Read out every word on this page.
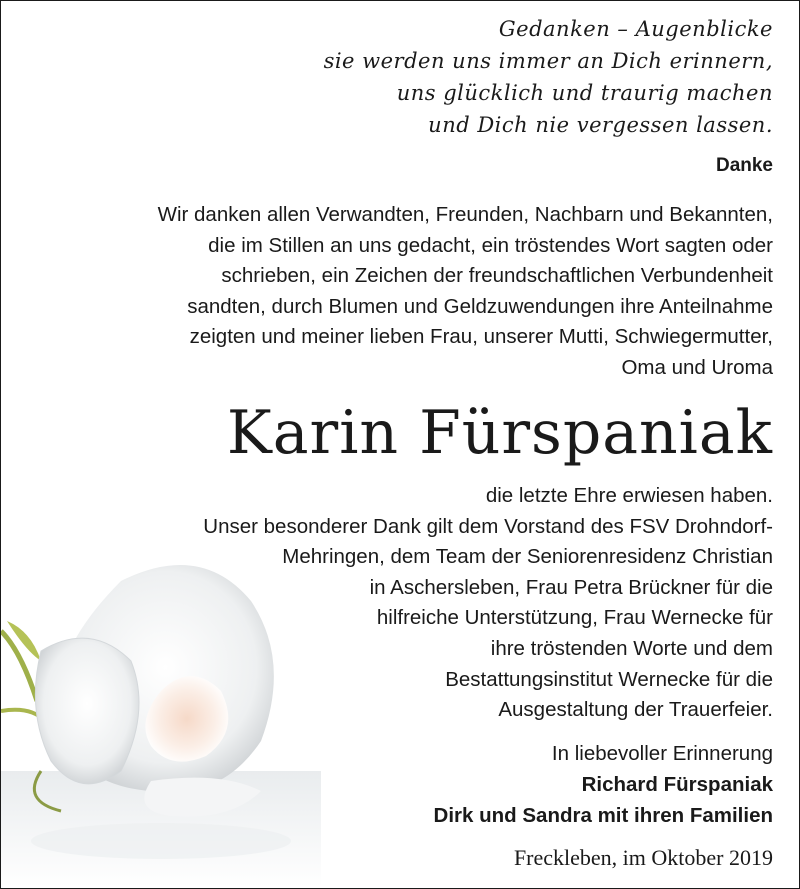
Gedanken – Augenblicke
sie werden uns immer an Dich erinnern,
uns glücklich und traurig machen
und Dich nie vergessen lassen.
Danke
Wir danken allen Verwandten, Freunden, Nachbarn und Bekannten,
die im Stillen an uns gedacht, ein tröstendes Wort sagten oder
schrieben, ein Zeichen der freundschaftlichen Verbundenheit
sandten, durch Blumen und Geldzuwendungen ihre Anteilnahme
zeigten und meiner lieben Frau, unserer Mutti, Schwiegermutter,
Oma und Uroma
Karin Fürspaniak
die letzte Ehre erwiesen haben.
Unser besonderer Dank gilt dem Vorstand des FSV Drohndorf-
Mehringen, dem Team der Seniorenresidenz Christian
in Aschersleben, Frau Petra Brückner für die
hilfreiche Unterstützung, Frau Wernecke für
ihre tröstenden Worte und dem
Bestattungsinstitut Wernecke für die
Ausgestaltung der Trauerfeier.
In liebevoller Erinnerung
Richard Fürspaniak
Dirk und Sandra mit ihren Familien
Freckleben, im Oktober 2019
